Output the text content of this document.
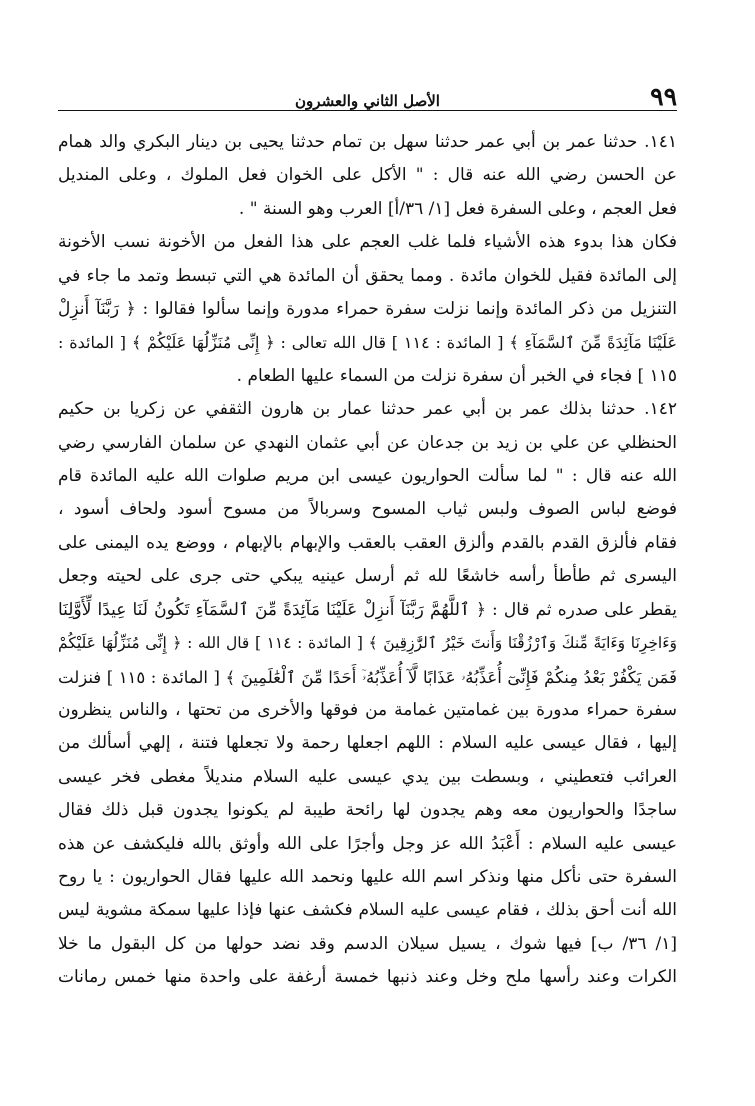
٩٩
الأصل الثاني والعشرون
١٤١. حدثنا عمر بن أبي عمر حدثنا سهل بن تمام حدثنا يحيى بن دينار البكري والد همام
عن الحسن رضي الله عنه قال : " الأكل على الخوان فعل الملوك ، وعلى المنديل
فعل العجم ، وعلى السفرة فعل [١/ ٣٦/أ] العرب وهو السنة " .
فكان هذا بدوء هذه الأشياء فلما غلب العجم على هذا الفعل من الأخونة نسب الأخونة
إلى المائدة فقيل للخوان مائدة . ومما يحقق أن المائدة هي التي تبسط وتمد ما جاء في
التنزيل من ذكر المائدة وإنما نزلت سفرة حمراء مدورة وإنما سألوا فقالوا : ﴿ رَبَّنَآ أَنزِلْ
عَلَيْنَا مَآئِدَةً مِّنَ ٱلسَّمَآءِ ﴾ [ المائدة : ١١٤ ] قال الله تعالى : ﴿ إِنِّى مُنَزِّلُهَا عَلَيْكُمْ ﴾ [ المائدة :
١١٥ ] فجاء في الخبر أن سفرة نزلت من السماء عليها الطعام .
١٤٢. حدثنا بذلك عمر بن أبي عمر حدثنا عمار بن هارون الثقفي عن زكريا بن حكيم
الحنظلي عن علي بن زيد بن جدعان عن أبي عثمان النهدي عن سلمان الفارسي رضي
الله عنه قال : " لما سألت الحواريون عيسى ابن مريم صلوات الله عليه المائدة قام
فوضع لباس الصوف ولبس ثياب المسوح وسربالاً من مسوح أسود ولحاف أسود ،
فقام فألزق القدم بالقدم وألزق العقب بالعقب والإبهام بالإبهام ، ووضع يده اليمنى على
اليسرى ثم طأطأ رأسه خاشعًا لله ثم أرسل عينيه يبكي حتى جرى على لحيته وجعل
يقطر على صدره ثم قال : ﴿ ٱللَّهُمَّ رَبَّنَآ أَنزِلْ عَلَيْنَا مَآئِدَةً مِّنَ ٱلسَّمَآءِ تَكُونُ لَنَا عِيدًا لِّأَوَّلِنَا
وَءَاخِرِنَا وَءَايَةً مِّنكَ وَٱرْزُقْنَا وَأَنتَ خَيْرُ ٱلرَّٰزِقِينَ ﴾ [ المائدة : ١١٤ ] قال الله : ﴿ إِنِّى مُنَزِّلُهَا عَلَيْكُمْ
فَمَن يَكْفُرْ بَعْدُ مِنكُمْ فَإِنِّىٓ أُعَذِّبُهُۥ عَذَابًا لَّآ أُعَذِّبُهُۥٓ أَحَدًا مِّنَ ٱلْعَٰلَمِينَ ﴾ [ المائدة : ١١٥ ] فنزلت
سفرة حمراء مدورة بين غمامتين غمامة من فوقها والأخرى من تحتها ، والناس ينظرون
إليها ، فقال عيسى عليه السلام : اللهم اجعلها رحمة ولا تجعلها فتنة ، إلهي أسألك من
العرائب فتعطيني ، وبسطت بين يدي عيسى عليه السلام منديلاً مغطى فخر عيسى
ساجدًا والحواريون معه وهم يجدون لها رائحة طيبة لم يكونوا يجدون قبل ذلك فقال
عيسى عليه السلام : أَعْبَدُ الله عز وجل وأجرًا على الله وأوثق بالله فليكشف عن هذه
السفرة حتى نأكل منها ونذكر اسم الله عليها ونحمد الله عليها فقال الحواريون : يا روح
الله أنت أحق بذلك ، فقام عيسى عليه السلام فكشف عنها فإذا عليها سمكة مشوية ليس
[١/ ٣٦/ ب] فيها شوك ، يسيل سيلان الدسم وقد نضد حولها من كل البقول ما خلا
الكرات وعند رأسها ملح وخل وعند ذنبها خمسة أرغفة على واحدة منها خمس رمانات
